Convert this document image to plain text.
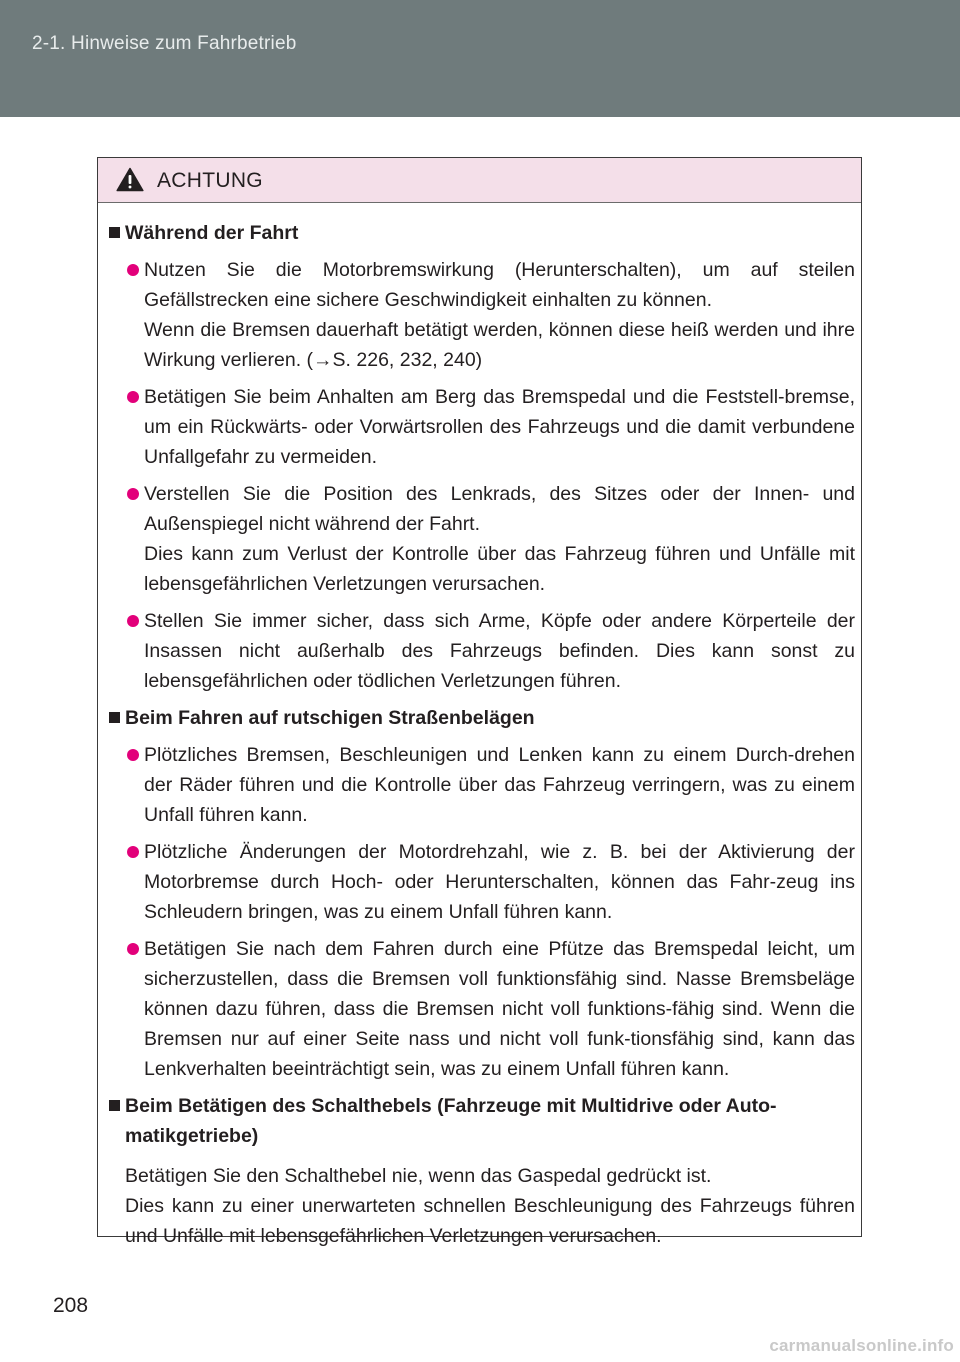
2-1. Hinweise zum Fahrbetrieb
ACHTUNG
Während der Fahrt

Nutzen Sie die Motorbremswirkung (Herunterschalten), um auf steilen Gefällstrecken eine sichere Geschwindigkeit einhalten zu können.

Wenn die Bremsen dauerhaft betätigt werden, können diese heiß werden und ihre Wirkung verlieren. (→S. 226, 232, 240)

Betätigen Sie beim Anhalten am Berg das Bremspedal und die Feststell-bremse, um ein Rückwärts- oder Vorwärtsrollen des Fahrzeugs und die damit verbundene Unfallgefahr zu vermeiden.

Verstellen Sie die Position des Lenkrads, des Sitzes oder der Innen- und Außenspiegel nicht während der Fahrt.

Dies kann zum Verlust der Kontrolle über das Fahrzeug führen und Unfälle mit lebensgefährlichen Verletzungen verursachen.

Stellen Sie immer sicher, dass sich Arme, Köpfe oder andere Körperteile der Insassen nicht außerhalb des Fahrzeugs befinden. Dies kann sonst zu lebensgefährlichen oder tödlichen Verletzungen führen.

Beim Fahren auf rutschigen Straßenbelägen

Plötzliches Bremsen, Beschleunigen und Lenken kann zu einem Durch-drehen der Räder führen und die Kontrolle über das Fahrzeug verringern, was zu einem Unfall führen kann.

Plötzliche Änderungen der Motordrehzahl, wie z. B. bei der Aktivierung der Motorbremse durch Hoch- oder Herunterschalten, können das Fahr-zeug ins Schleudern bringen, was zu einem Unfall führen kann.

Betätigen Sie nach dem Fahren durch eine Pfütze das Bremspedal leicht, um sicherzustellen, dass die Bremsen voll funktionsfähig sind. Nasse Bremsbeläge können dazu führen, dass die Bremsen nicht voll funktions-fähig sind. Wenn die Bremsen nur auf einer Seite nass und nicht voll funk-tionsfähig sind, kann das Lenkverhalten beeinträchtigt sein, was zu einem Unfall führen kann.

Beim Betätigen des Schalthebels (Fahrzeuge mit Multidrive oder Auto-matikgetriebe)

Betätigen Sie den Schalthebel nie, wenn das Gaspedal gedrückt ist.

Dies kann zu einer unerwarteten schnellen Beschleunigung des Fahrzeugs führen und Unfälle mit lebensgefährlichen Verletzungen verursachen.

208
carmanualsonline.info
